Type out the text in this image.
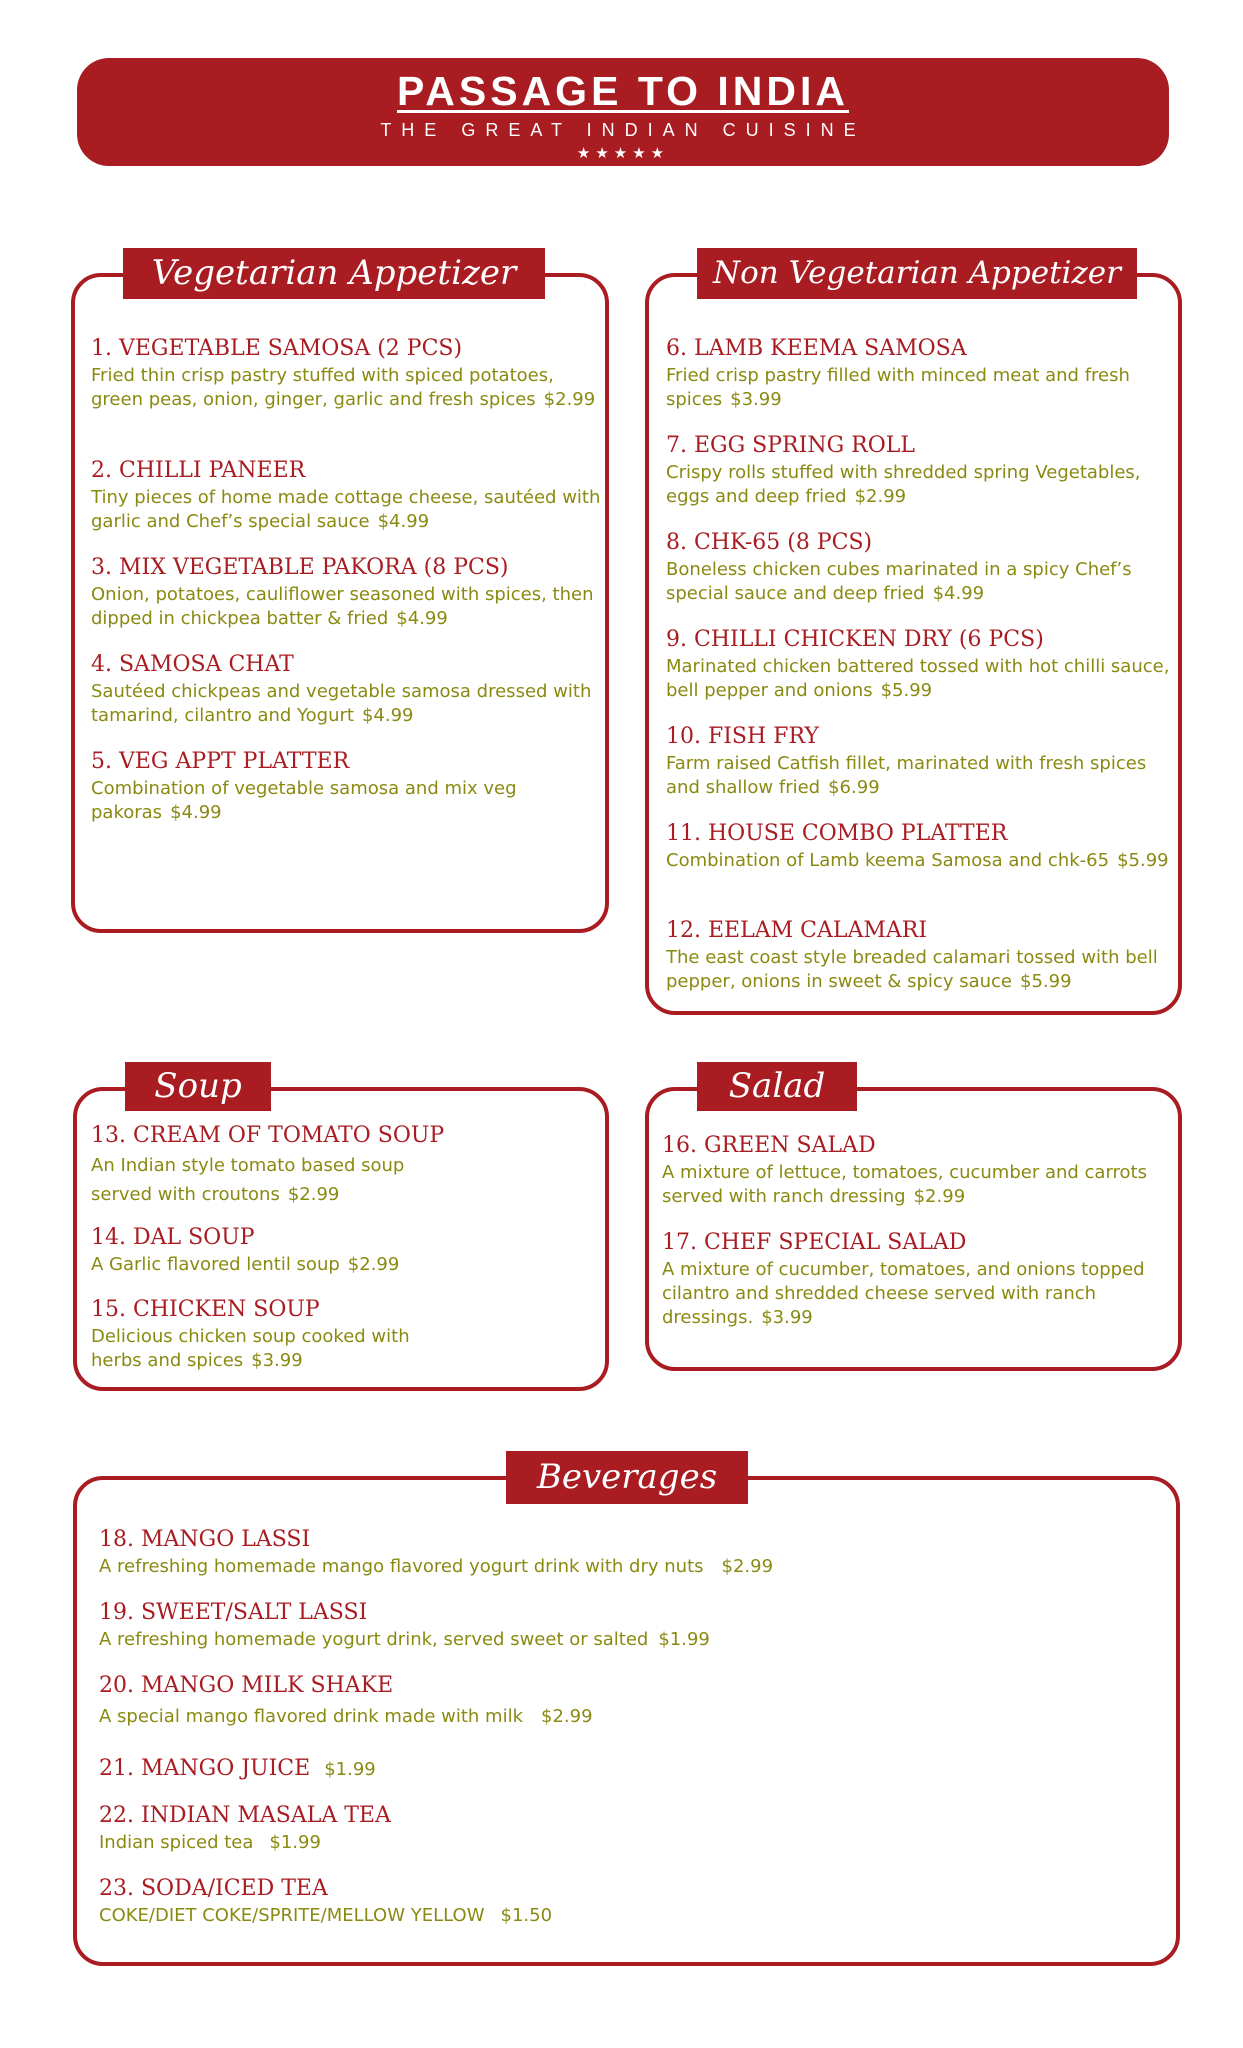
PASSAGE TO INDIA
THE GREAT INDIAN CUISINE
★★★★★
Vegetarian Appetizer
1. VEGETABLE SAMOSA (2 PCS)
Fried thin crisp pastry stuffed with spiced potatoes, green peas, onion, ginger, garlic and fresh spices $2.99
2. CHILLI PANEER
Tiny pieces of home made cottage cheese, sautéed with garlic and Chef’s special sauce $4.99
3. MIX VEGETABLE PAKORA (8 PCS)
Onion, potatoes, cauliflower seasoned with spices, then dipped in chickpea batter & fried $4.99
4. SAMOSA CHAT
Sautéed chickpeas and vegetable samosa dressed with tamarind, cilantro and Yogurt $4.99
5. VEG APPT PLATTER
Combination of vegetable samosa and mix veg pakoras $4.99
Non Vegetarian Appetizer
6. LAMB KEEMA SAMOSA
Fried crisp pastry filled with minced meat and fresh spices $3.99
7. EGG SPRING ROLL
Crispy rolls stuffed with shredded spring Vegetables, eggs and deep fried $2.99
8. CHK-65 (8 PCS)
Boneless chicken cubes marinated in a spicy Chef’s special sauce and deep fried $4.99
9. CHILLI CHICKEN DRY (6 PCS)
Marinated chicken battered tossed with hot chilli sauce, bell pepper and onions $5.99
10. FISH FRY
Farm raised Catfish fillet, marinated with fresh spices and shallow fried $6.99
11. HOUSE COMBO PLATTER
Combination of Lamb keema Samosa and chk-65 $5.99
12. EELAM CALAMARI
The east coast style breaded calamari tossed with bell pepper, onions in sweet & spicy sauce $5.99
Soup
13. CREAM OF TOMATO SOUP
An Indian style tomato based soup served with croutons $2.99
14. DAL SOUP
A Garlic flavored lentil soup $2.99
15. CHICKEN SOUP
Delicious chicken soup cooked with herbs and spices $3.99
Salad
16. GREEN SALAD
A mixture of lettuce, tomatoes, cucumber and carrots served with ranch dressing $2.99
17. CHEF SPECIAL SALAD
A mixture of cucumber, tomatoes, and onions topped cilantro and shredded cheese served with ranch dressings. $3.99
Beverages
18. MANGO LASSI
A refreshing homemade mango flavored yogurt drink with dry nuts $2.99
19. SWEET/SALT LASSI
A refreshing homemade yogurt drink, served sweet or salted $1.99
20. MANGO MILK SHAKE
A special mango flavored drink made with milk $2.99
21. MANGO JUICE $1.99
22. INDIAN MASALA TEA
Indian spiced tea $1.99
23. SODA/ICED TEA
COKE/DIET COKE/SPRITE/MELLOW YELLOW $1.50
